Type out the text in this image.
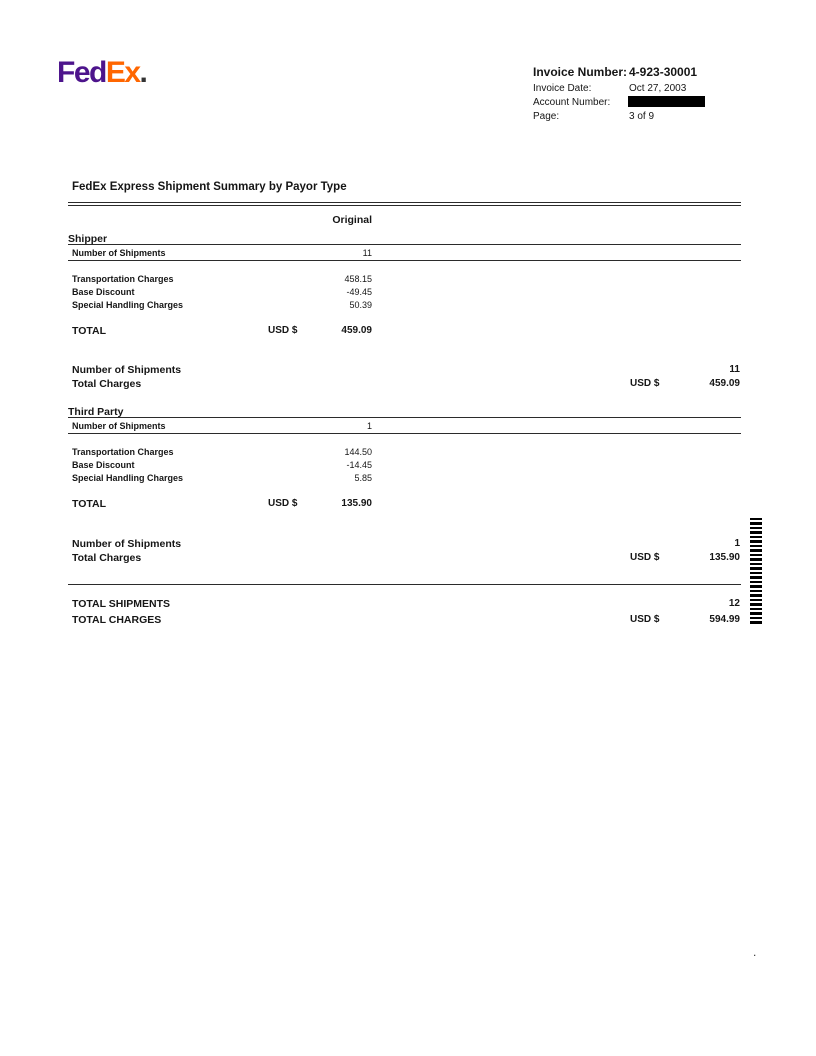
FedEx.	Invoice Number: 4-923-30001
Invoice Date:	Oct 27, 2003
Account Number:
Page:	3 of 9
FedEx Express Shipment Summary by Payor Type
Original
Shipper
Number of Shipments	11
Transportation Charges	458.15
Base Discount	-49.45
Special Handling Charges	50.39
TOTAL	USD $	459.09
Number of Shipments	11
Total Charges	USD $	459.09
Third Party
Number of Shipments	1
Transportation Charges	144.50
Base Discount	-14.45
Special Handling Charges	5.85
TOTAL	USD $	135.90
Number of Shipments	1
Total Charges	USD $	135.90
TOTAL SHIPMENTS	12
TOTAL CHARGES	USD $	594.99
.
